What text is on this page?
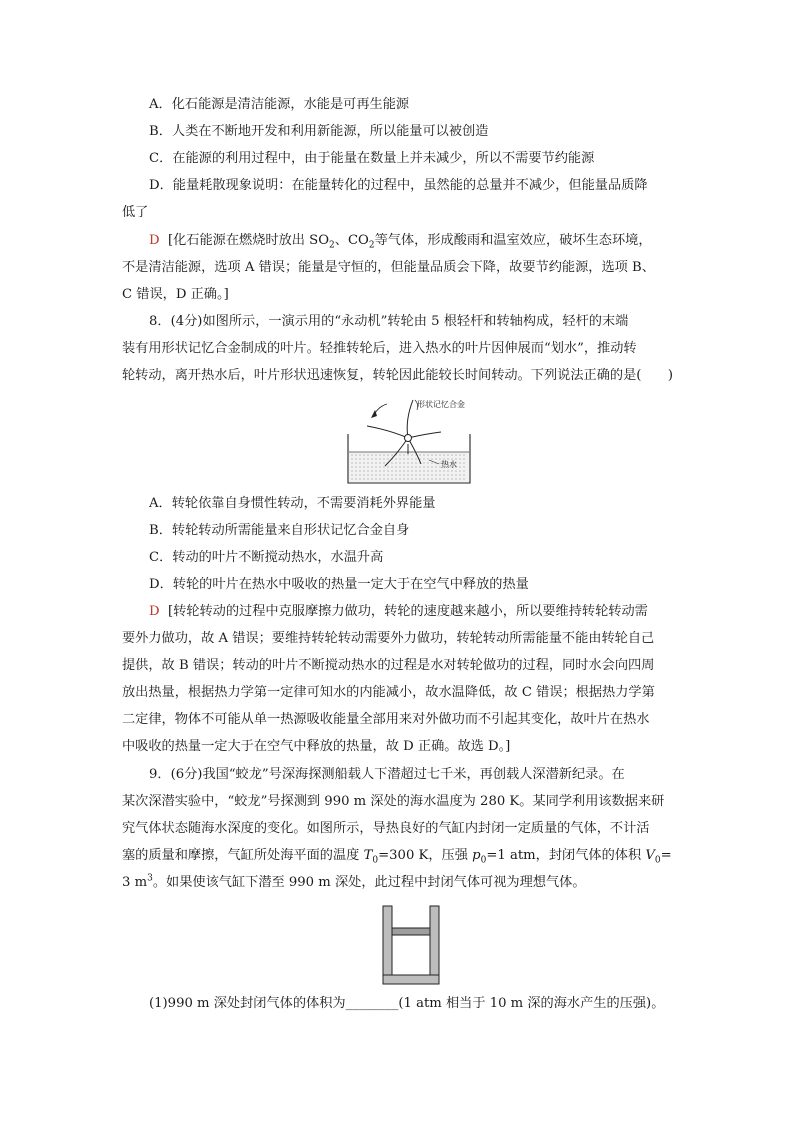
A．化石能源是清洁能源，水能是可再生能源
B．人类在不断地开发和利用新能源，所以能量可以被创造
C．在能源的利用过程中，由于能量在数量上并未减少，所以不需要节约能源
D．能量耗散现象说明：在能量转化的过程中，虽然能的总量并不减少，但能量品质降
低了
D [化石能源在燃烧时放出 $SO_2$、$CO_2$等气体，形成酸雨和温室效应，破坏生态环境，
不是清洁能源，选项 A 错误；能量是守恒的，但能量品质会下降，故要节约能源，选项 B、
C 错误，D 正确。]
8．(4分)如图所示，一演示用的“永动机”转轮由 5 根轻杆和转轴构成，轻杆的末端
装有用形状记忆合金制成的叶片。轻推转轮后，进入热水的叶片因伸展而“划水”，推动转
轮转动，离开热水后，叶片形状迅速恢复，转轮因此能较长时间转动。下列说法正确的是(　　)
形状记忆合金
热水
A．转轮依靠自身惯性转动，不需要消耗外界能量
B．转轮转动所需能量来自形状记忆合金自身
C．转动的叶片不断搅动热水，水温升高
D．转轮的叶片在热水中吸收的热量一定大于在空气中释放的热量
D [转轮转动的过程中克服摩擦力做功，转轮的速度越来越小，所以要维持转轮转动需
要外力做功，故 A 错误；要维持转轮转动需要外力做功，转轮转动所需能量不能由转轮自己
提供，故 B 错误；转动的叶片不断搅动热水的过程是水对转轮做功的过程，同时水会向四周
放出热量，根据热力学第一定律可知水的内能减小，故水温降低，故 C 错误；根据热力学第
二定律，物体不可能从单一热源吸收能量全部用来对外做功而不引起其变化，故叶片在热水
中吸收的热量一定大于在空气中释放的热量，故 D 正确。故选 D。]
9．(6分)我国“蛟龙”号深海探测船载人下潜超过七千米，再创载人深潜新纪录。在
某次深潜实验中，“蛟龙”号探测到 990 m 深处的海水温度为 280 K。某同学利用该数据来研
究气体状态随海水深度的变化。如图所示，导热良好的气缸内封闭一定质量的气体，不计活
塞的质量和摩擦，气缸所处海平面的温度 $T_0=300$ K，压强 $p_0=1$ atm，封闭气体的体积 $V_0=$
3 $m^3$。如果使该气缸下潜至 990 m 深处，此过程中封闭气体可视为理想气体。
(1)990 m 深处封闭气体的体积为________(1 atm 相当于 10 m 深的海水产生的压强)。
